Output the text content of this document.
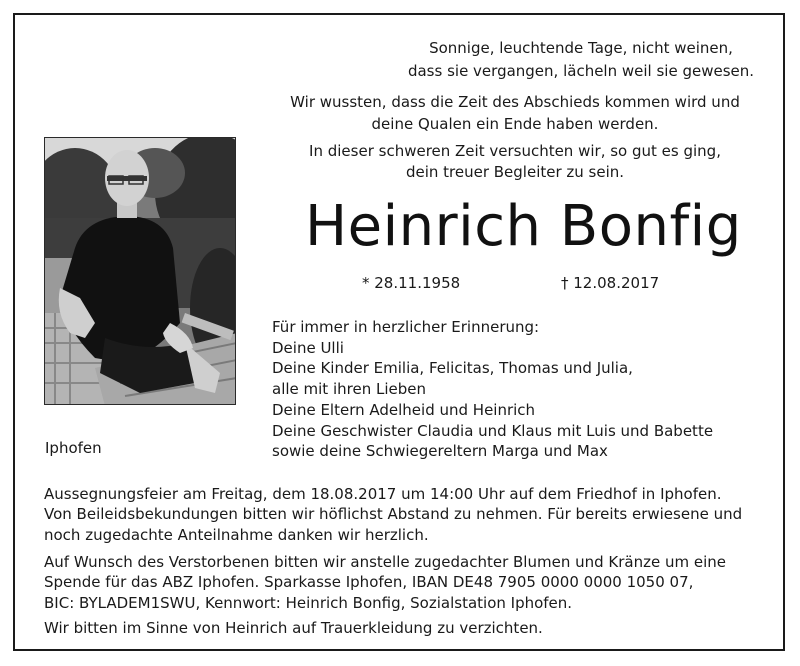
Sonnige, leuchtende Tage, nicht weinen,
dass sie vergangen, lächeln weil sie gewesen.
Wir wussten, dass die Zeit des Abschieds kommen wird und
deine Qualen ein Ende haben werden.
In dieser schweren Zeit versuchten wir, so gut es ging,
dein treuer Begleiter zu sein.
Iphofen
Heinrich Bonfig
* 28.11.1958	† 12.08.2017
Für immer in herzlicher Erinnerung:
Deine Ulli
Deine Kinder Emilia, Felicitas, Thomas und Julia,
alle mit ihren Lieben
Deine Eltern Adelheid und Heinrich
Deine Geschwister Claudia und Klaus mit Luis und Babette
sowie deine Schwiegereltern Marga und Max
Aussegnungsfeier am Freitag, dem 18.08.2017 um 14:00 Uhr auf dem Friedhof in Iphofen.
Von Beileidsbekundungen bitten wir höflichst Abstand zu nehmen. Für bereits erwiesene und
noch zugedachte Anteilnahme danken wir herzlich.
Auf Wunsch des Verstorbenen bitten wir anstelle zugedachter Blumen und Kränze um eine
Spende für das ABZ Iphofen. Sparkasse Iphofen, IBAN DE48 7905 0000 0000 1050 07,
BIC: BYLADEM1SWU, Kennwort: Heinrich Bonfig, Sozialstation Iphofen.
Wir bitten im Sinne von Heinrich auf Trauerkleidung zu verzichten.
